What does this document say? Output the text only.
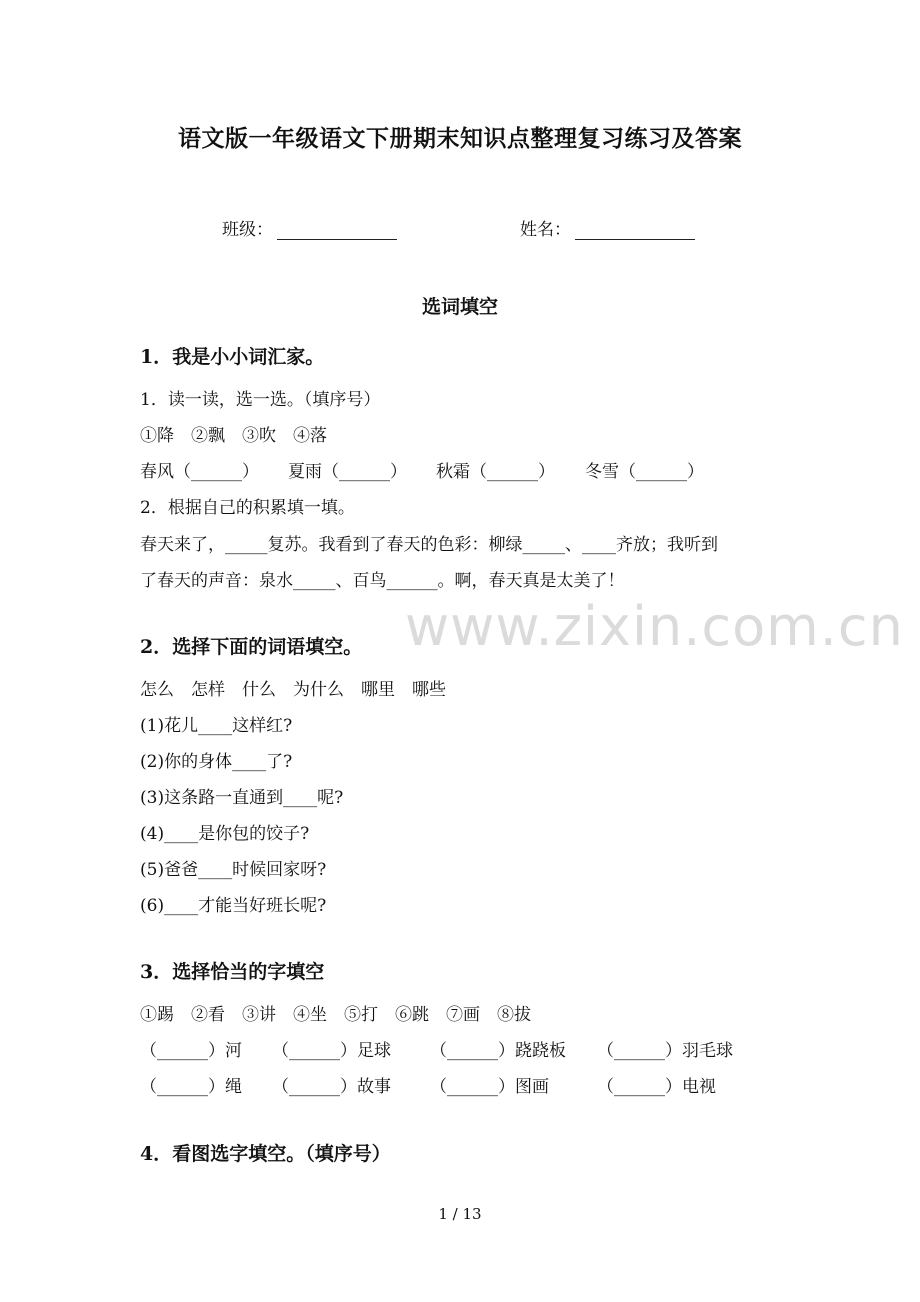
语文版一年级语文下册期末知识点整理复习练习及答案
班级：	姓名：
选词填空
1．我是小小词汇家。
1．读一读，选一选。（填序号）
①降　②飘　③吹　④落
春风（______） 夏雨（______） 秋霜（______） 冬雪（______）
2．根据自己的积累填一填。
春天来了，_____复苏。我看到了春天的色彩：柳绿_____、____齐放；我听到
了春天的声音：泉水_____、百鸟______。啊，春天真是太美了！
www.zixin.com.cn
2．选择下面的词语填空。
怎么　怎样　什么　为什么　哪里　哪些
(1)花儿____这样红?
(2)你的身体____了?
(3)这条路一直通到____呢?
(4)____是你包的饺子?
(5)爸爸____时候回家呀?
(6)____才能当好班长呢?
3．选择恰当的字填空
①踢　②看　③讲　④坐　⑤打　⑥跳　⑦画　⑧拔
（______）河 （______）足球 （______）跷跷板 （______）羽毛球
（______）绳 （______）故事 （______）图画	（______）电视
4．看图选字填空。（填序号）
1 / 13
